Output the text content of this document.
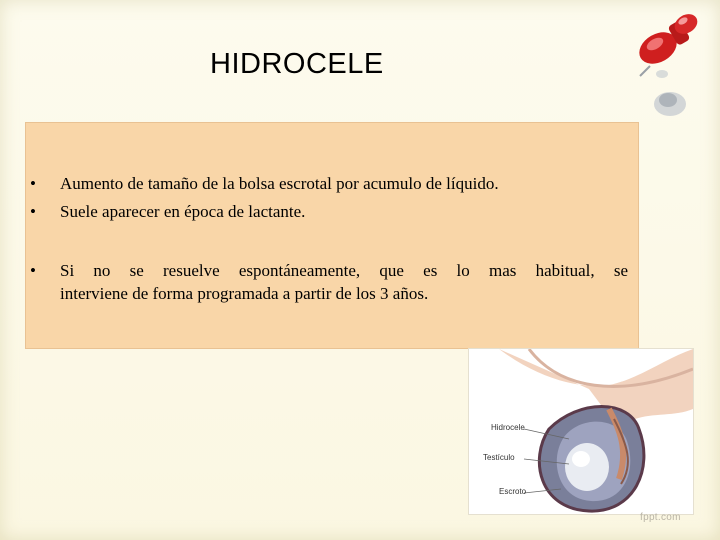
HIDROCELE
• Aumento de tamaño de la bolsa escrotal por acumulo de líquido.
• Suele aparecer en época de lactante.
• Si no se resuelve espontáneamente, que es lo mas habitual, se
interviene de forma programada a partir de los 3 años.
Hidrocele
Testículo
Escroto
fppt.com
